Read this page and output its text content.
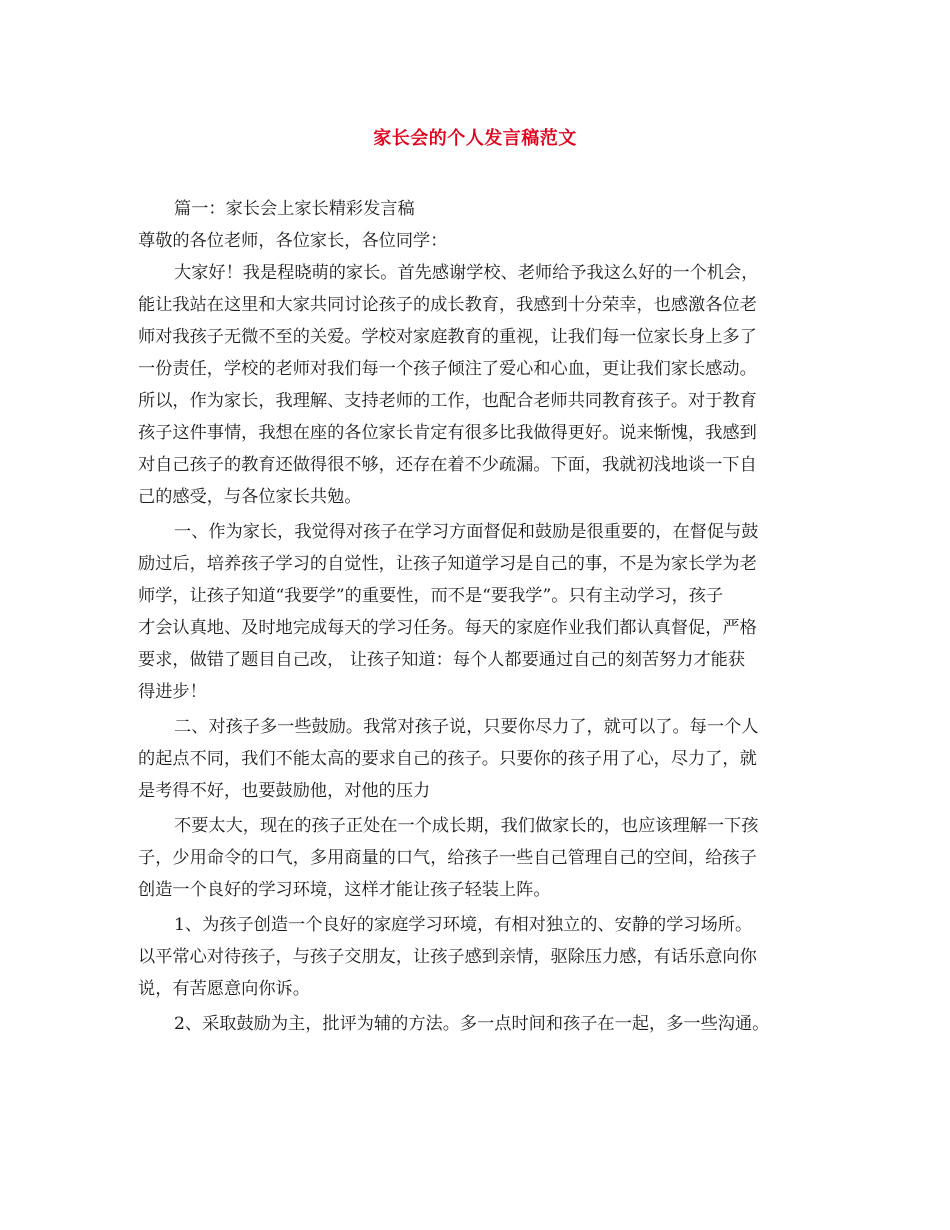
家长会的个人发言稿范文

篇一：家长会上家长精彩发言稿

尊敬的各位老师，各位家长，各位同学：

大家好！我是程晓萌的家长。首先感谢学校、老师给予我这么好的一个机会，

能让我站在这里和大家共同讨论孩子的成长教育，我感到十分荣幸，也感激各位老

师对我孩子无微不至的关爱。学校对家庭教育的重视，让我们每一位家长身上多了

一份责任，学校的老师对我们每一个孩子倾注了爱心和心血，更让我们家长感动。

所以，作为家长，我理解、支持老师的工作，也配合老师共同教育孩子。对于教育

孩子这件事情，我想在座的各位家长肯定有很多比我做得更好。说来惭愧，我感到

对自己孩子的教育还做得很不够，还存在着不少疏漏。下面，我就初浅地谈一下自

己的感受，与各位家长共勉。

一、作为家长，我觉得对孩子在学习方面督促和鼓励是很重要的，在督促与鼓

励过后，培养孩子学习的自觉性，让孩子知道学习是自己的事，不是为家长学为老

师学，让孩子知道“我要学”的重要性，而不是“要我学”。只有主动学习，孩子

才会认真地、及时地完成每天的学习任务。每天的家庭作业我们都认真督促，严格

要求，做错了题目自己改， 让孩子知道：每个人都要通过自己的刻苦努力才能获

得进步！

二、对孩子多一些鼓励。我常对孩子说，只要你尽力了，就可以了。每一个人

的起点不同，我们不能太高的要求自己的孩子。只要你的孩子用了心，尽力了，就

是考得不好，也要鼓励他，对他的压力

不要太大，现在的孩子正处在一个成长期，我们做家长的，也应该理解一下孩

子，少用命令的口气，多用商量的口气，给孩子一些自己管理自己的空间，给孩子

创造一个良好的学习环境，这样才能让孩子轻装上阵。

1、为孩子创造一个良好的家庭学习环境，有相对独立的、安静的学习场所。

以平常心对待孩子，与孩子交朋友，让孩子感到亲情，驱除压力感，有话乐意向你

说，有苦愿意向你诉。

2、采取鼓励为主，批评为辅的方法。多一点时间和孩子在一起，多一些沟通。
